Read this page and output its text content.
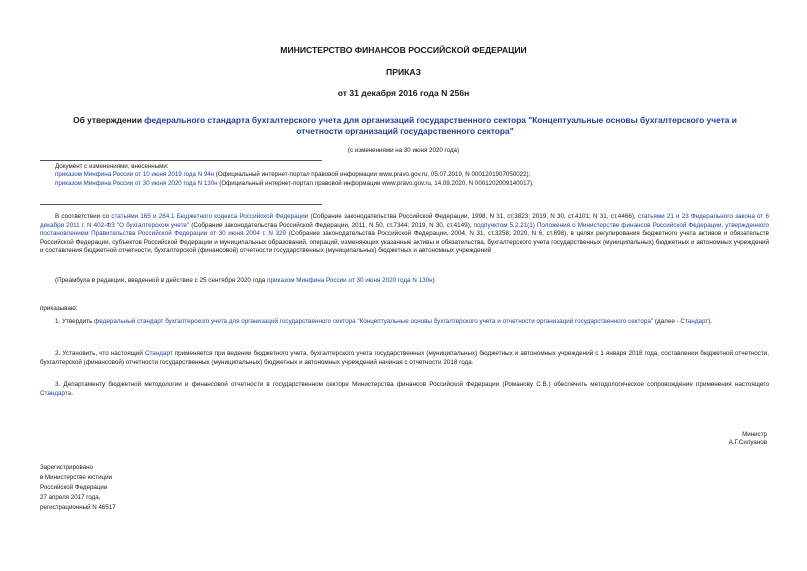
МИНИСТЕРСТВО ФИНАНСОВ РОССИЙСКОЙ ФЕДЕРАЦИИ
ПРИКАЗ
от 31 декабря 2016 года N 256н
Об утверждении федерального стандарта бухгалтерского учета для организаций государственного сектора "Концептуальные основы бухгалтерского учета и отчетности организаций государственного сектора"
(с изменениями на 30 июня 2020 года)
Документ с изменениями, внесенными:
приказом Минфина России от 10 июня 2019 года N 94н (Официальный интернет-портал правовой информации www.pravo.gov.ru, 05.07.2019, N 0001201907050022);
приказом Минфина России от 30 июня 2020 года N 130н (Официальный интернет-портал правовой информации www.pravo.gov.ru, 14.09.2020, N 0001202009140017).
В соответствии со статьями 165 и 264.1 Бюджетного кодекса Российской Федерации (Собрание законодательства Российской Федерации, 1998, N 31, ст.3823; 2019, N 30, ст.4101; N 31, ст.4466), статьями 21 и 23 Федерального закона от 6 декабря 2011 г. N 402-ФЗ "О бухгалтерском учете" (Собрание законодательства Российской Федерации, 2011, N 50, ст.7344; 2019, N 30, ст.4149), подпунктом 5.2.21(1) Положения о Министерстве финансов Российской Федерации, утвержденного постановлением Правительства Российской Федерации от 30 июня 2004 г. N 329 (Собрание законодательства Российской Федерации, 2004, N 31, ст.3258; 2020, N 6, ст.698), в целях регулирования бюджетного учета активов и обязательств Российской Федерации, субъектов Российской Федерации и муниципальных образований, операций, изменяющих указанные активы и обязательства, бухгалтерского учета государственных (муниципальных) бюджетных и автономных учреждений и составления бюджетной отчетности, бухгалтерской (финансовой) отчетности государственных (муниципальных) бюджетных и автономных учреждений
(Преамбула в редакции, введенной в действие с 25 сентября 2020 года приказом Минфина России от 30 июня 2020 года N 130н)
приказываю:
1. Утвердить федеральный стандарт бухгалтерского учета для организаций государственного сектора "Концептуальные основы бухгалтерского учета и отчетности организаций государственного сектора" (далее - Стандарт).
2. Установить, что настоящий Стандарт применяется при ведении бюджетного учета, бухгалтерского учета государственных (муниципальных) бюджетных и автономных учреждений с 1 января 2018 года, составлении бюджетной отчетности, бухгалтерской (финансовой) отчетности государственных (муниципальных) бюджетных и автономных учреждений начиная с отчетности 2018 года.
3. Департаменту бюджетной методологии и финансовой отчетности в государственном секторе Министерства финансов Российской Федерации (Романову С.В.) обеспечить методологическое сопровождение применения настоящего Стандарта.
Министр
А.Г.Силуанов
Зарегистрировано
в Министерстве юстиции
Российской Федерации
27 апреля 2017 года,
регистрационный N 46517
